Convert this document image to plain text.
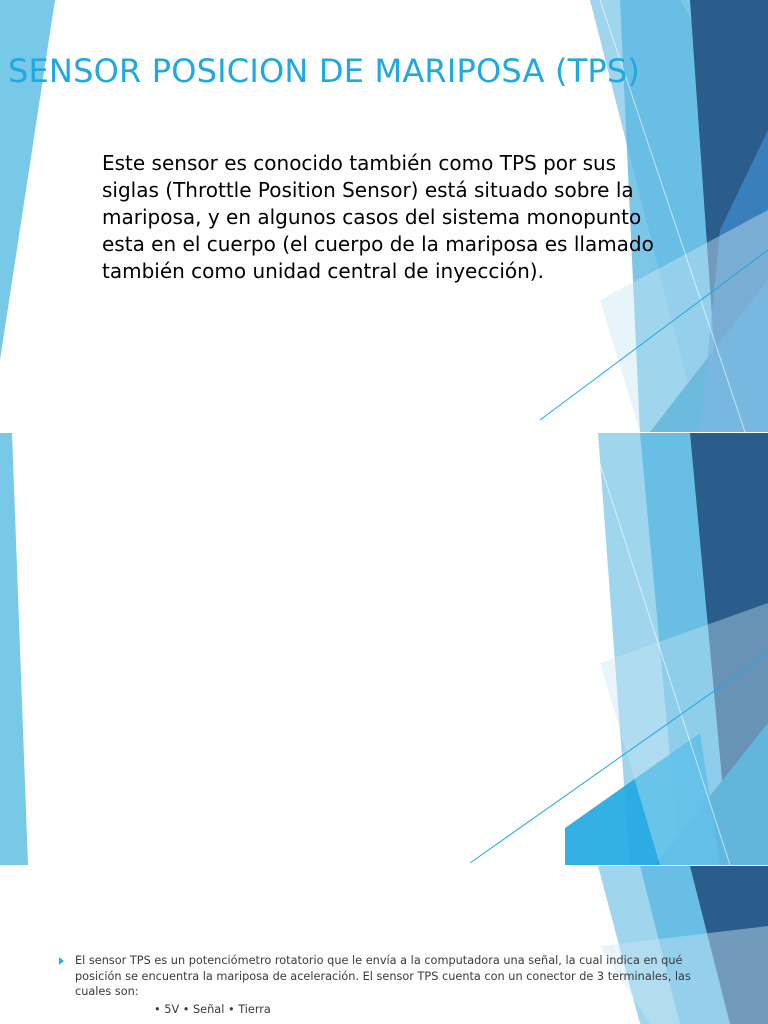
SENSOR POSICION DE MARIPOSA (TPS)

Este sensor es conocido también como TPS por sus siglas (Throttle Position Sensor) está situado sobre la mariposa, y en algunos casos del sistema monopunto esta en el cuerpo (el cuerpo de la mariposa es llamado también como unidad central de inyección).

El sensor TPS es un potenciómetro rotatorio que le envía a la computadora una señal, la cual indica en qué posición se encuentra la mariposa de aceleración. El sensor TPS cuenta con un conector de 3 terminales, las cuales son:

• 5V • Señal • Tierra
